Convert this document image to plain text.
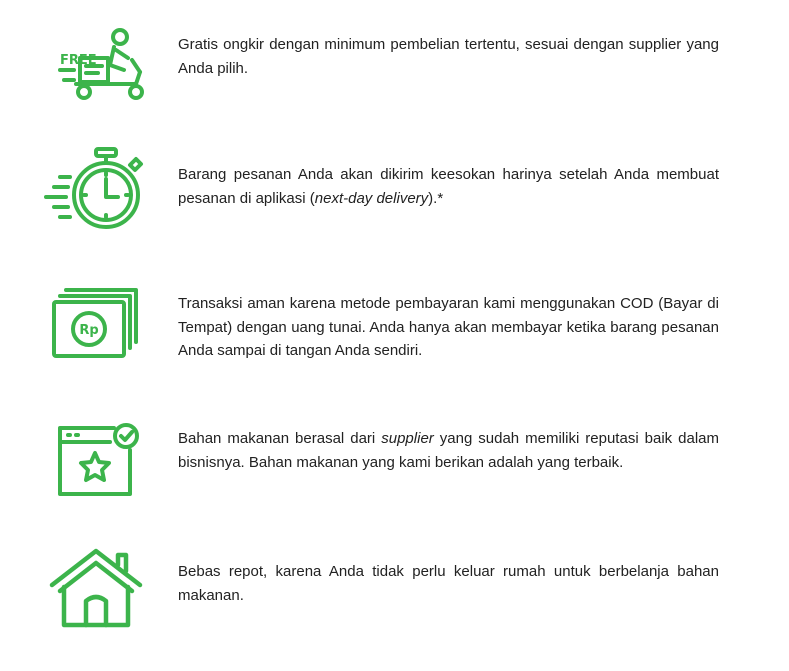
FREE
Gratis ongkir dengan minimum pembelian tertentu, sesuai dengan supplier yang Anda pilih.
Barang pesanan Anda akan dikirim keesokan harinya setelah Anda membuat pesanan di aplikasi (next-day delivery).*
Rp
Transaksi aman karena metode pembayaran kami menggunakan COD (Bayar di Tempat) dengan uang tunai. Anda hanya akan membayar ketika barang pesanan Anda sampai di tangan Anda sendiri.
Bahan makanan berasal dari supplier yang sudah memiliki reputasi baik dalam bisnisnya. Bahan makanan yang kami berikan adalah yang terbaik.
Bebas repot, karena Anda tidak perlu keluar rumah untuk berbelanja bahan makanan.
